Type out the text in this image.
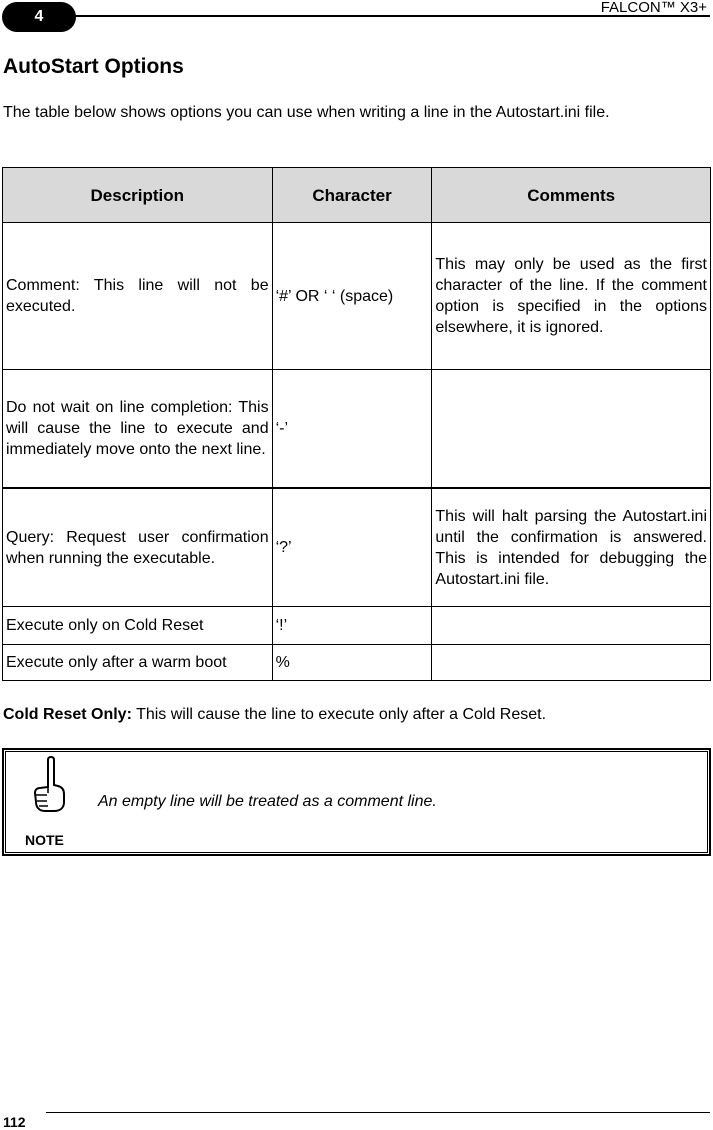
4
FALCON™ X3+
AutoStart Options
The table below shows options you can use when writing a line in the Autostart.ini file.
Description	Character	Comments
Comment: This line will not be executed.	‘#’ OR ‘ ‘ (space)	This may only be used as the first character of the line. If the comment option is specified in the options elsewhere, it is ignored.
Do not wait on line completion: This will cause the line to execute and immediately move onto the next line.	‘-’	
Query: Request user confirmation when running the executable.	‘?’	This will halt parsing the Autostart.ini until the confirmation is answered. This is intended for debugging the Autostart.ini file.
Execute only on Cold Reset	‘!’	
Execute only after a warm boot	%	
Cold Reset Only: This will cause the line to execute only after a Cold Reset.
NOTE
An empty line will be treated as a comment line.
112
